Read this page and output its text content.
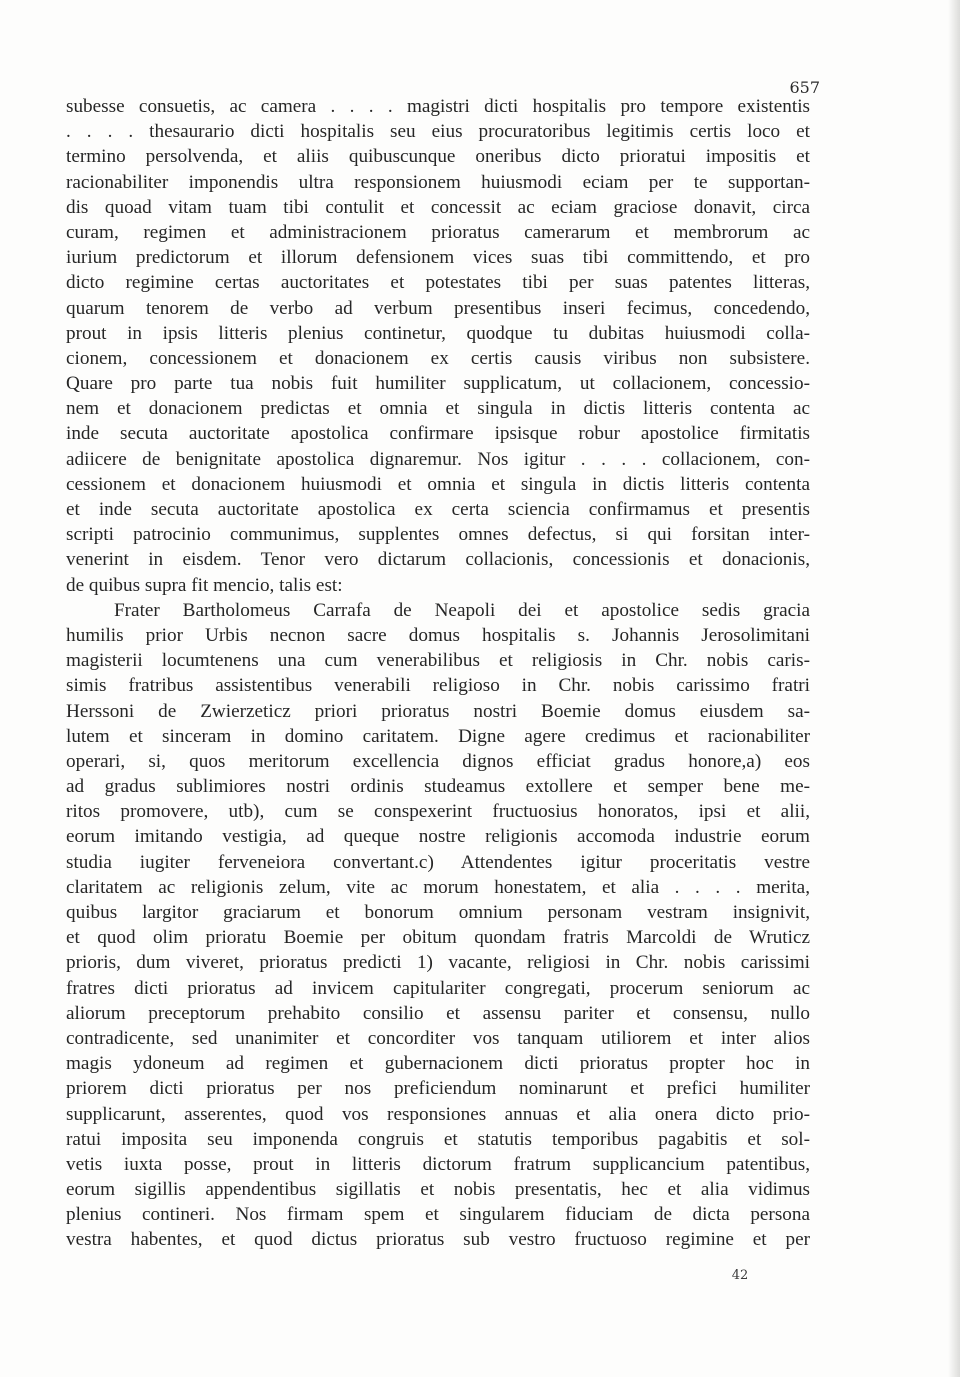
657
subesse consuetis, ac camera . . . . magistri dicti hospitalis pro tempore existentis
. . . . thesaurario dicti hospitalis seu eius procuratoribus legitimis certis loco et
termino persolvenda, et aliis quibuscunque oneribus dicto prioratui impositis et
racionabiliter imponendis ultra responsionem huiusmodi eciam per te supportan-
dis quoad vitam tuam tibi contulit et concessit ac eciam graciose donavit, circa
curam, regimen et administracionem prioratus camerarum et membrorum ac
iurium predictorum et illorum defensionem vices suas tibi committendo, et pro
dicto regimine certas auctoritates et potestates tibi per suas patentes litteras,
quarum tenorem de verbo ad verbum presentibus inseri fecimus, concedendo,
prout in ipsis litteris plenius continetur, quodque tu dubitas huiusmodi colla-
cionem, concessionem et donacionem ex certis causis viribus non subsistere.
Quare pro parte tua nobis fuit humiliter supplicatum, ut collacionem, concessio-
nem et donacionem predictas et omnia et singula in dictis litteris contenta ac
inde secuta auctoritate apostolica confirmare ipsisque robur apostolice firmitatis
adiicere de benignitate apostolica dignaremur. Nos igitur . . . . collacionem, con-
cessionem et donacionem huiusmodi et omnia et singula in dictis litteris contenta
et inde secuta auctoritate apostolica ex certa sciencia confirmamus et presentis
scripti patrocinio communimus, supplentes omnes defectus, si qui forsitan inter-
venerint in eisdem. Tenor vero dictarum collacionis, concessionis et donacionis,
de quibus supra fit mencio, talis est:
Frater Bartholomeus Carrafa de Neapoli dei et apostolice sedis gracia
humilis prior Urbis necnon sacre domus hospitalis s. Johannis Jerosolimitani
magisterii locumtenens una cum venerabilibus et religiosis in Chr. nobis caris-
simis fratribus assistentibus venerabili religioso in Chr. nobis carissimo fratri
Herssoni de Zwierzeticz priori prioratus nostri Boemie domus eiusdem sa-
lutem et sinceram in domino caritatem. Digne agere credimus et racionabiliter
operari, si, quos meritorum excellencia dignos efficiat gradus honore,a) eos
ad gradus sublimiores nostri ordinis studeamus extollere et semper bene me-
ritos promovere, utb), cum se conspexerint fructuosius honoratos, ipsi et alii,
eorum imitando vestigia, ad queque nostre religionis accomoda industrie eorum
studia iugiter ferveneiora convertant.c) Attendentes igitur proceritatis vestre
claritatem ac religionis zelum, vite ac morum honestatem, et alia . . . . merita,
quibus largitor graciarum et bonorum omnium personam vestram insignivit,
et quod olim prioratu Boemie per obitum quondam fratris Marcoldi de Wruticz
prioris, dum viveret, prioratus predicti 1) vacante, religiosi in Chr. nobis carissimi
fratres dicti prioratus ad invicem capitulariter congregati, procerum seniorum ac
aliorum preceptorum prehabito consilio et assensu pariter et consensu, nullo
contradicente, sed unanimiter et concorditer vos tanquam utiliorem et inter alios
magis ydoneum ad regimen et gubernacionem dicti prioratus propter hoc in
priorem dicti prioratus per nos preficiendum nominarunt et prefici humiliter
supplicarunt, asserentes, quod vos responsiones annuas et alia onera dicto prio-
ratui imposita seu imponenda congruis et statutis temporibus pagabitis et sol-
vetis iuxta posse, prout in litteris dictorum fratrum supplicancium patentibus,
eorum sigillis appendentibus sigillatis et nobis presentatis, hec et alia vidimus
plenius contineri. Nos firmam spem et singularem fiduciam de dicta persona
vestra habentes, et quod dictus prioratus sub vestro fructuoso regimine et per
42
